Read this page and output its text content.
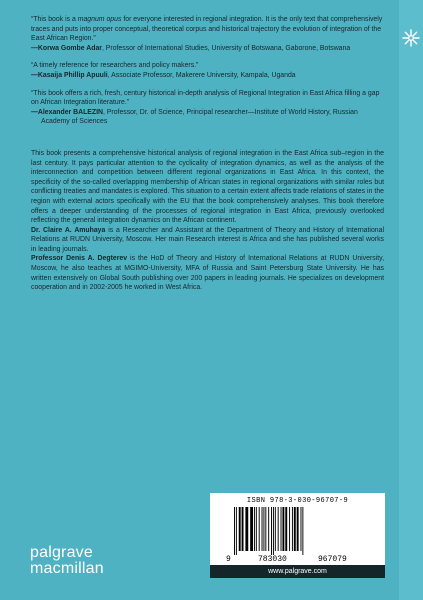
“This book is a magnum opus for everyone interested in regional integration. It is the only text that comprehensively traces and puts into proper conceptual, theoretical corpus and historical trajectory the evolution of integration of the East African Region.”

—Korwa Gombe Adar, Professor of International Studies, University of Botswana, Gaborone, Botswana

“A timely reference for researchers and policy makers.”

—Kasaija Phillip Apuuli, Associate Professor, Makerere University, Kampala, Uganda

“This book offers a rich, fresh, century historical in-depth analysis of Regional Integration in East Africa filling a gap on African Integration literature.”

—Alexander BALEZIN, Professor, Dr. of Science, Principal researcher—Institute of World History, Russian Academy of Sciences

This book presents a comprehensive historical analysis of regional integration in the East Africa sub–region in the last century. It pays particular attention to the cyclicality of integration dynamics, as well as the analysis of the interconnection and competition between different regional organizations in East Africa. In this context, the specificity of the so-called overlapping membership of African states in regional organizations with similar roles but conflicting treaties and mandates is explored. This situation to a certain extent affects trade relations of states in the region with external actors specifically with the EU that the book comprehensively analyses. This book therefore offers a deeper understanding of the processes of regional integration in East Africa, previously overlooked reflecting the general integration dynamics on the African continent.

Dr. Claire A. Amuhaya is a Researcher and Assistant at the Department of Theory and History of International Relations at RUDN University, Moscow. Her main Research interest is Africa and she has published several works in leading journals.

Professor Denis A. Degterev is the HoD of Theory and History of International Relations at RUDN University, Moscow, he also teaches at MGIMO-University, MFA of Russia and Saint Petersburg State University. He has written extensively on Global South publishing over 200 papers in leading journals. He specializes on development cooperation and in 2002-2005 he worked in West Africa.

ISBN 978-3-030-96707-9
9	783030	967079
www.palgrave.com
palgrave
macmillan
